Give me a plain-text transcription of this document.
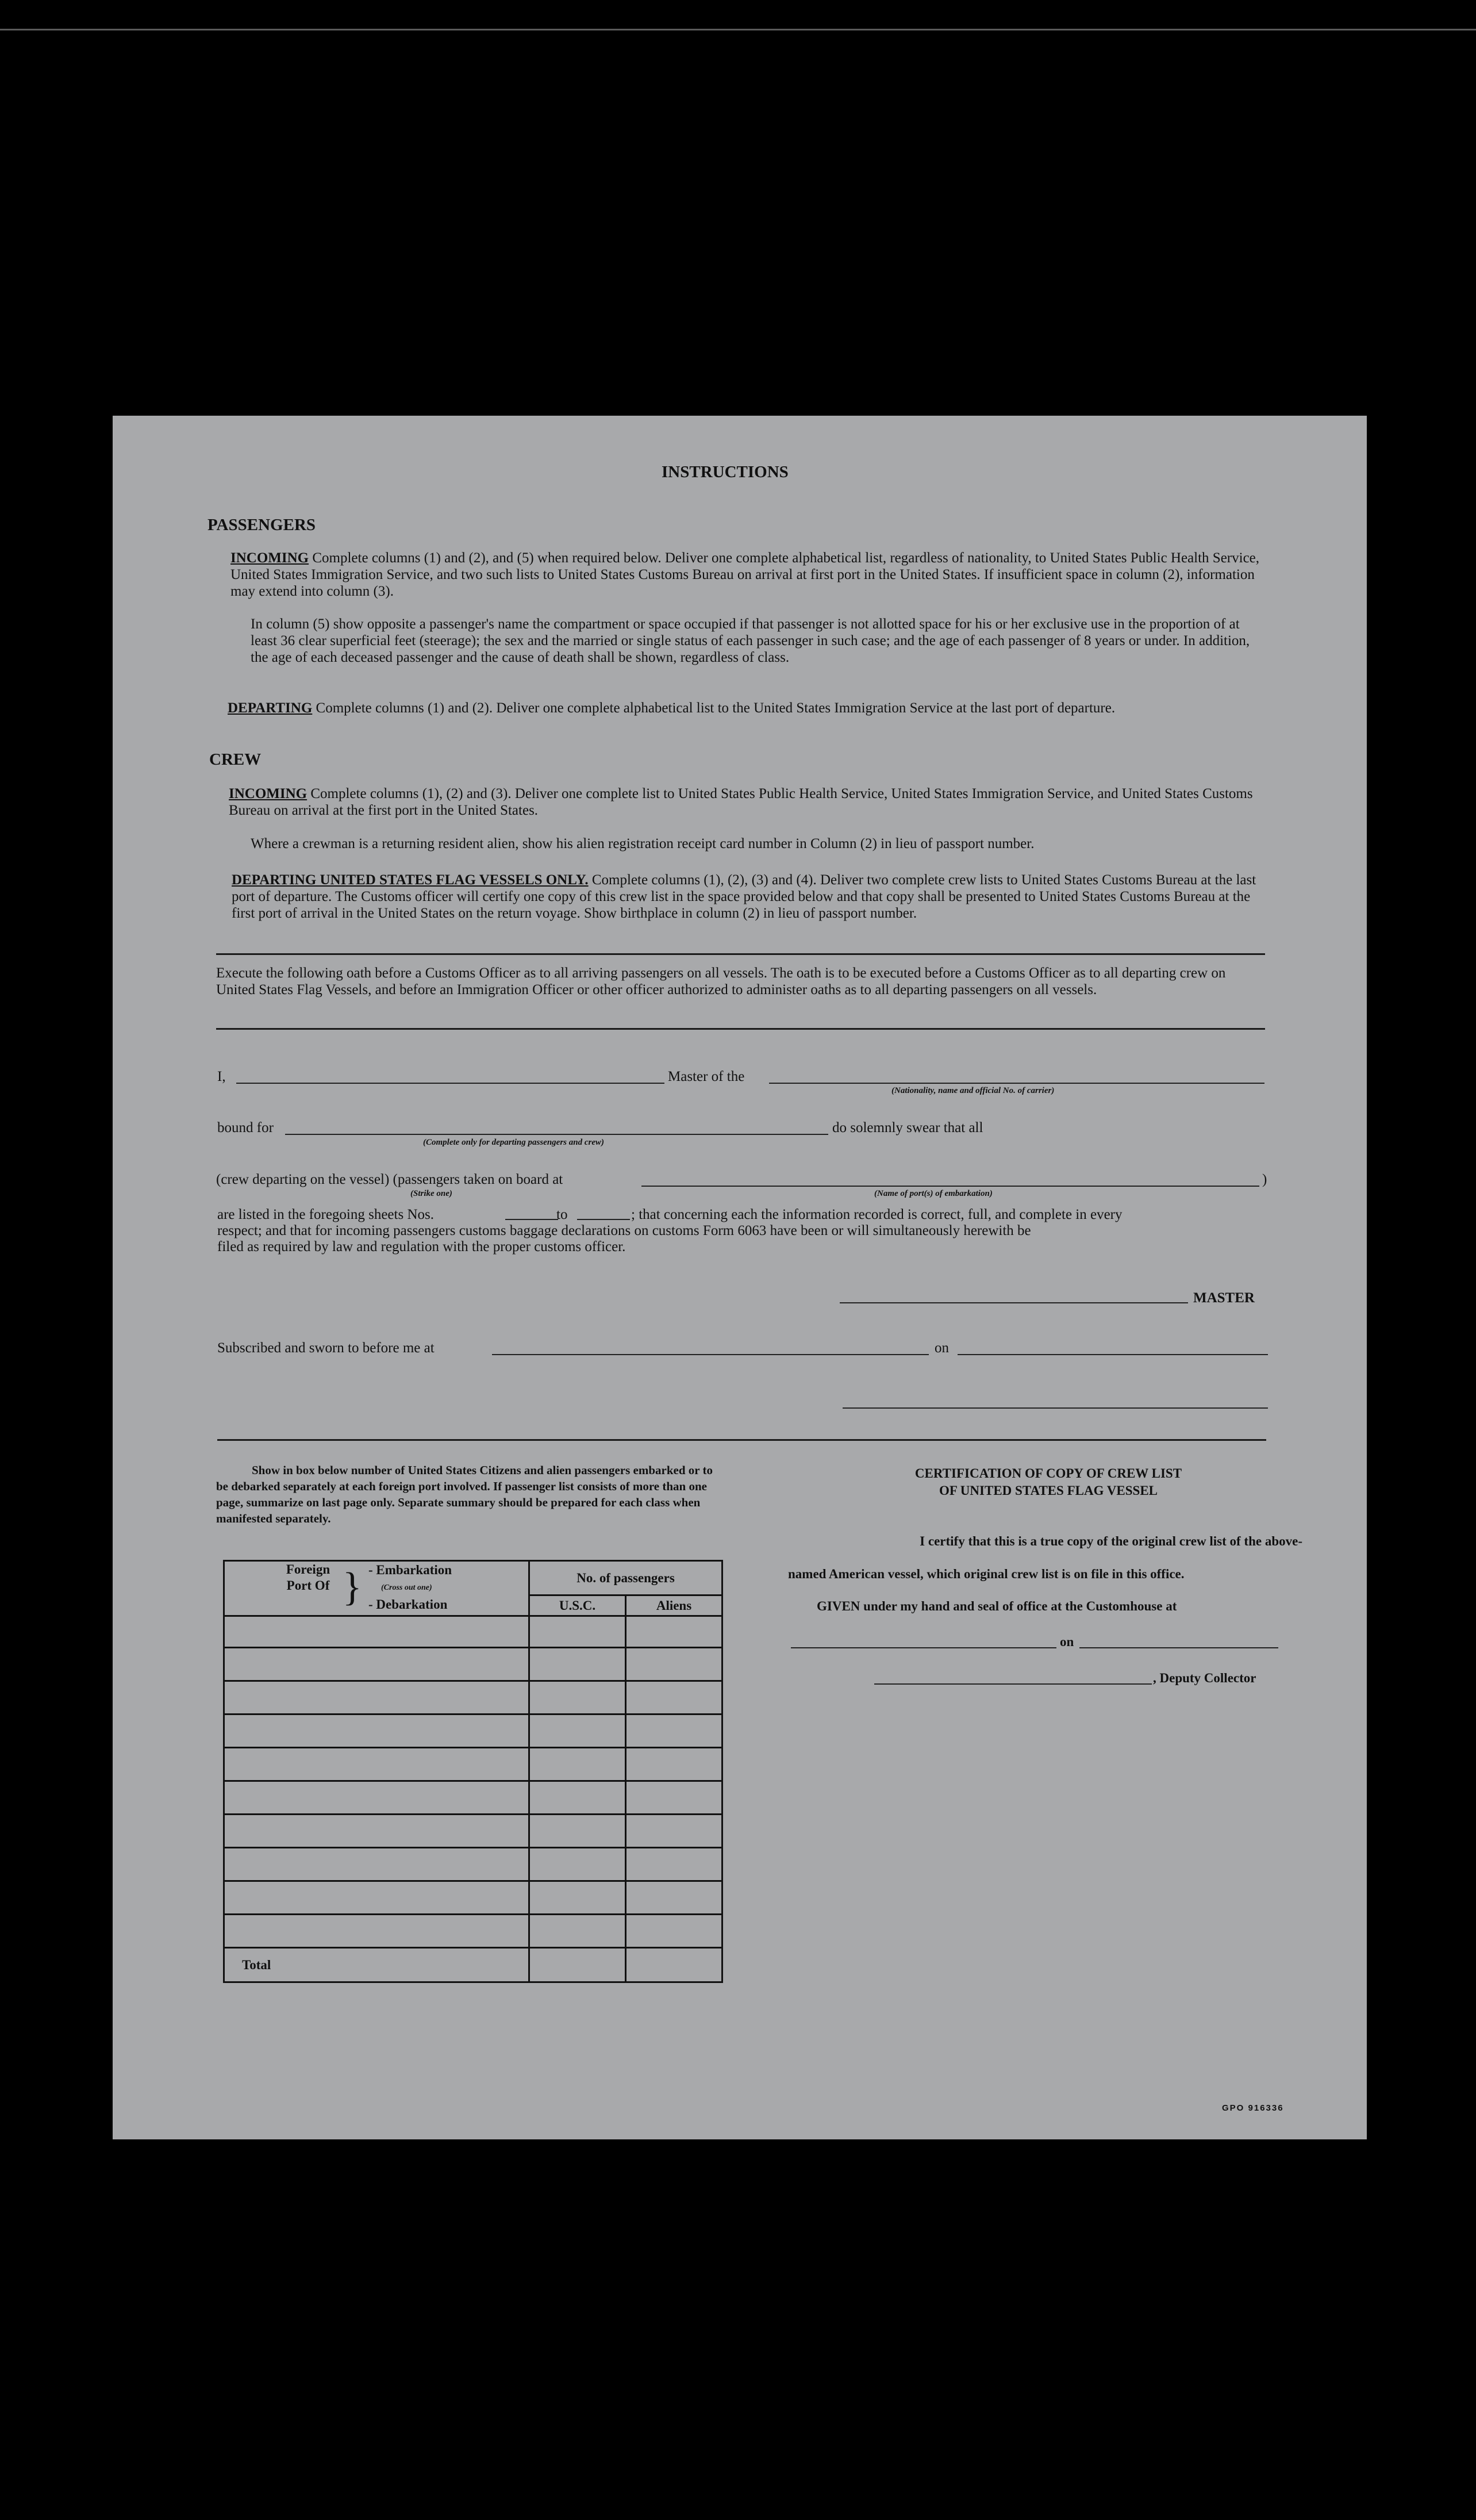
INSTRUCTIONS
PASSENGERS
INCOMING Complete columns (1) and (2), and (5) when required below. Deliver one complete alphabetical list, regardless of nationality, to United States Public Health Service, United States Immigration Service, and two such lists to United States Customs Bureau on arrival at first port in the United States. If insufficient space in column (2), information may extend into column (3).
In column (5) show opposite a passenger's name the compartment or space occupied if that passenger is not allotted space for his or her exclusive use in the proportion of at least 36 clear superficial feet (steerage); the sex and the married or single status of each passenger in such case; and the age of each passenger of 8 years or under. In addition, the age of each deceased passenger and the cause of death shall be shown, regardless of class.
DEPARTING Complete columns (1) and (2). Deliver one complete alphabetical list to the United States Immigration Service at the last port of departure.
CREW
INCOMING Complete columns (1), (2) and (3). Deliver one complete list to United States Public Health Service, United States Immigration Service, and United States Customs Bureau on arrival at the first port in the United States.
Where a crewman is a returning resident alien, show his alien registration receipt card number in Column (2) in lieu of passport number.
DEPARTING UNITED STATES FLAG VESSELS ONLY. Complete columns (1), (2), (3) and (4). Deliver two complete crew lists to United States Customs Bureau at the last port of departure. The Customs officer will certify one copy of this crew list in the space provided below and that copy shall be presented to United States Customs Bureau at the first port of arrival in the United States on the return voyage. Show birthplace in column (2) in lieu of passport number.
Execute the following oath before a Customs Officer as to all arriving passengers on all vessels. The oath is to be executed before a Customs Officer as to all departing crew on United States Flag Vessels, and before an Immigration Officer or other officer authorized to administer oaths as to all departing passengers on all vessels.
I,	Master of the
(Nationality, name and official No. of carrier)
bound for
(Complete only for departing passengers and crew)
do solemnly swear that all
(crew departing on the vessel) (passengers taken on board at
(Strike one)	(Name of port(s) of embarkation)
)
are listed in the foregoing sheets Nos.	to	; that concerning each the information recorded is correct, full, and complete in every
respect; and that for incoming passengers customs baggage declarations on customs Form 6063 have been or will simultaneously herewith be
filed as required by law and regulation with the proper customs officer.
MASTER
Subscribed and sworn to before me at	on
Show in box below number of United States Citizens and alien passengers embarked or to be debarked separately at each foreign port involved. If passenger list consists of more than one page, summarize on last page only. Separate summary should be prepared for each class when manifested separately.
Foreign Port Of } - Embarkation
(Cross out one)
- Debarkation	No. of passengers	
	U.S.C.	Aliens

Total		
CERTIFICATION OF COPY OF CREW LIST
OF UNITED STATES FLAG VESSEL
I certify that this is a true copy of the original crew list of the above-
named American vessel, which original crew list is on file in this office.
GIVEN under my hand and seal of office at the Customhouse at
on
, Deputy Collector
GPO 916336
